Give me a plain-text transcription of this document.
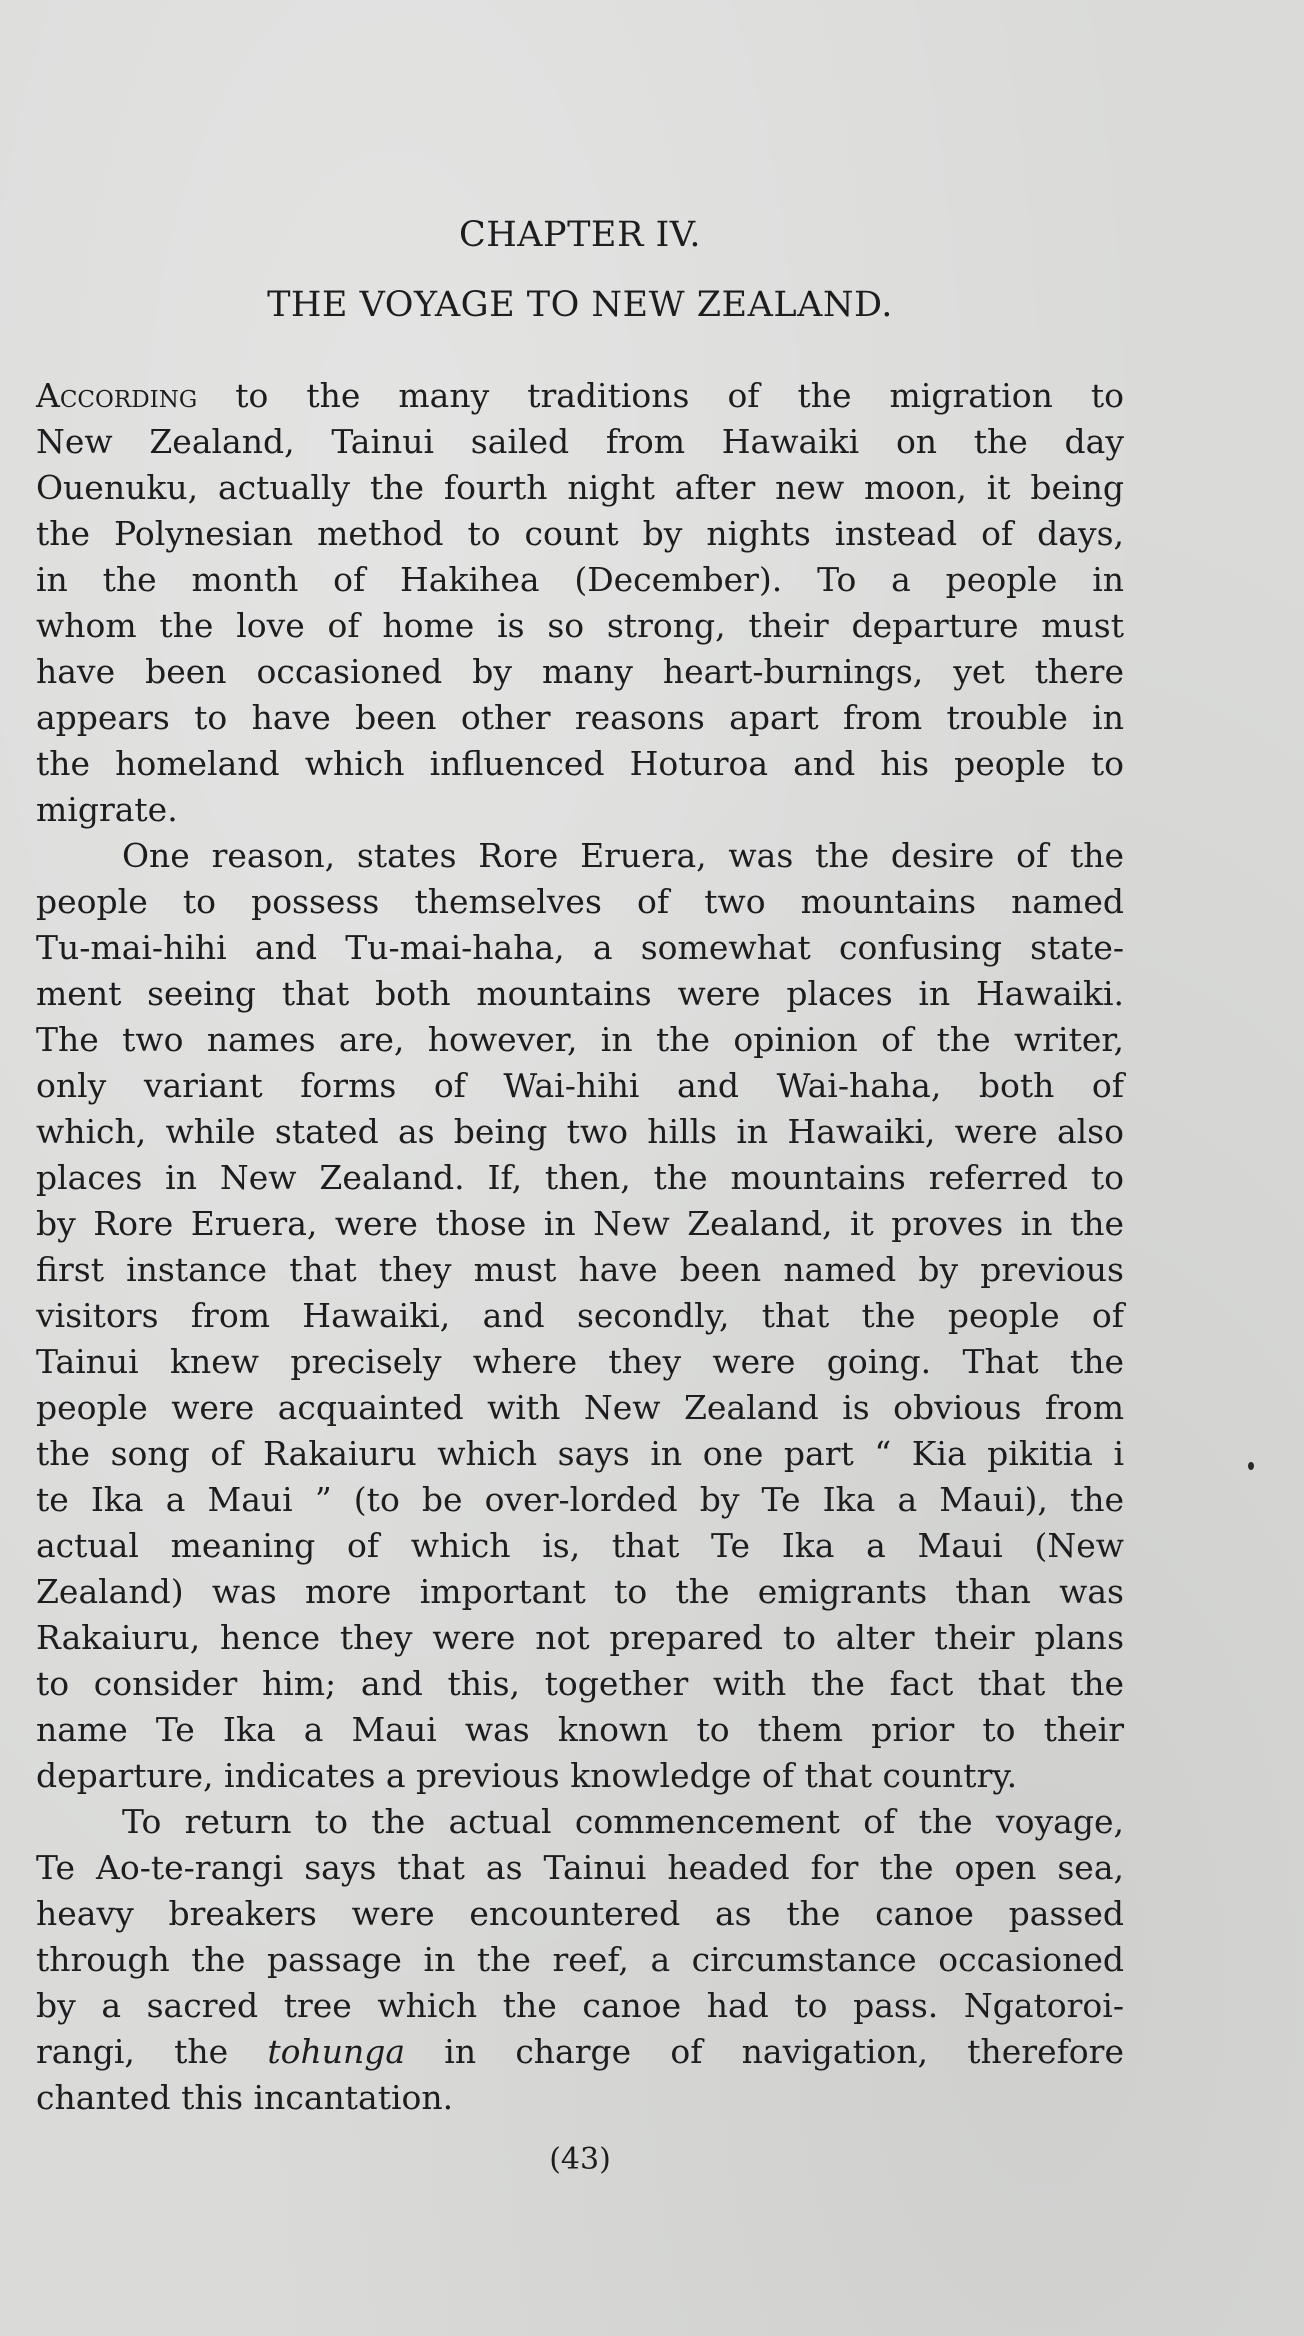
CHAPTER IV.
THE VOYAGE TO NEW ZEALAND.
According to the many traditions of the migration to
New Zealand, Tainui sailed from Hawaiki on the day
Ouenuku, actually the fourth night after new moon, it being
the Polynesian method to count by nights instead of days,
in the month of Hakihea (December). To a people in
whom the love of home is so strong, their departure must
have been occasioned by many heart-burnings, yet there
appears to have been other reasons apart from trouble in
the homeland which influenced Hoturoa and his people to
migrate.
One reason, states Rore Eruera, was the desire of the
people to possess themselves of two mountains named
Tu-mai-hihi and Tu-mai-haha, a somewhat confusing state-
ment seeing that both mountains were places in Hawaiki.
The two names are, however, in the opinion of the writer,
only variant forms of Wai-hihi and Wai-haha, both of
which, while stated as being two hills in Hawaiki, were also
places in New Zealand. If, then, the mountains referred to
by Rore Eruera, were those in New Zealand, it proves in the
first instance that they must have been named by previous
visitors from Hawaiki, and secondly, that the people of
Tainui knew precisely where they were going. That the
people were acquainted with New Zealand is obvious from
the song of Rakaiuru which says in one part “ Kia pikitia i
te Ika a Maui ” (to be over-lorded by Te Ika a Maui), the
actual meaning of which is, that Te Ika a Maui (New
Zealand) was more important to the emigrants than was
Rakaiuru, hence they were not prepared to alter their plans
to consider him; and this, together with the fact that the
name Te Ika a Maui was known to them prior to their
departure, indicates a previous knowledge of that country.
To return to the actual commencement of the voyage,
Te Ao-te-rangi says that as Tainui headed for the open sea,
heavy breakers were encountered as the canoe passed
through the passage in the reef, a circumstance occasioned
by a sacred tree which the canoe had to pass. Ngatoroi-
rangi, the tohunga in charge of navigation, therefore
chanted this incantation.
(43)
